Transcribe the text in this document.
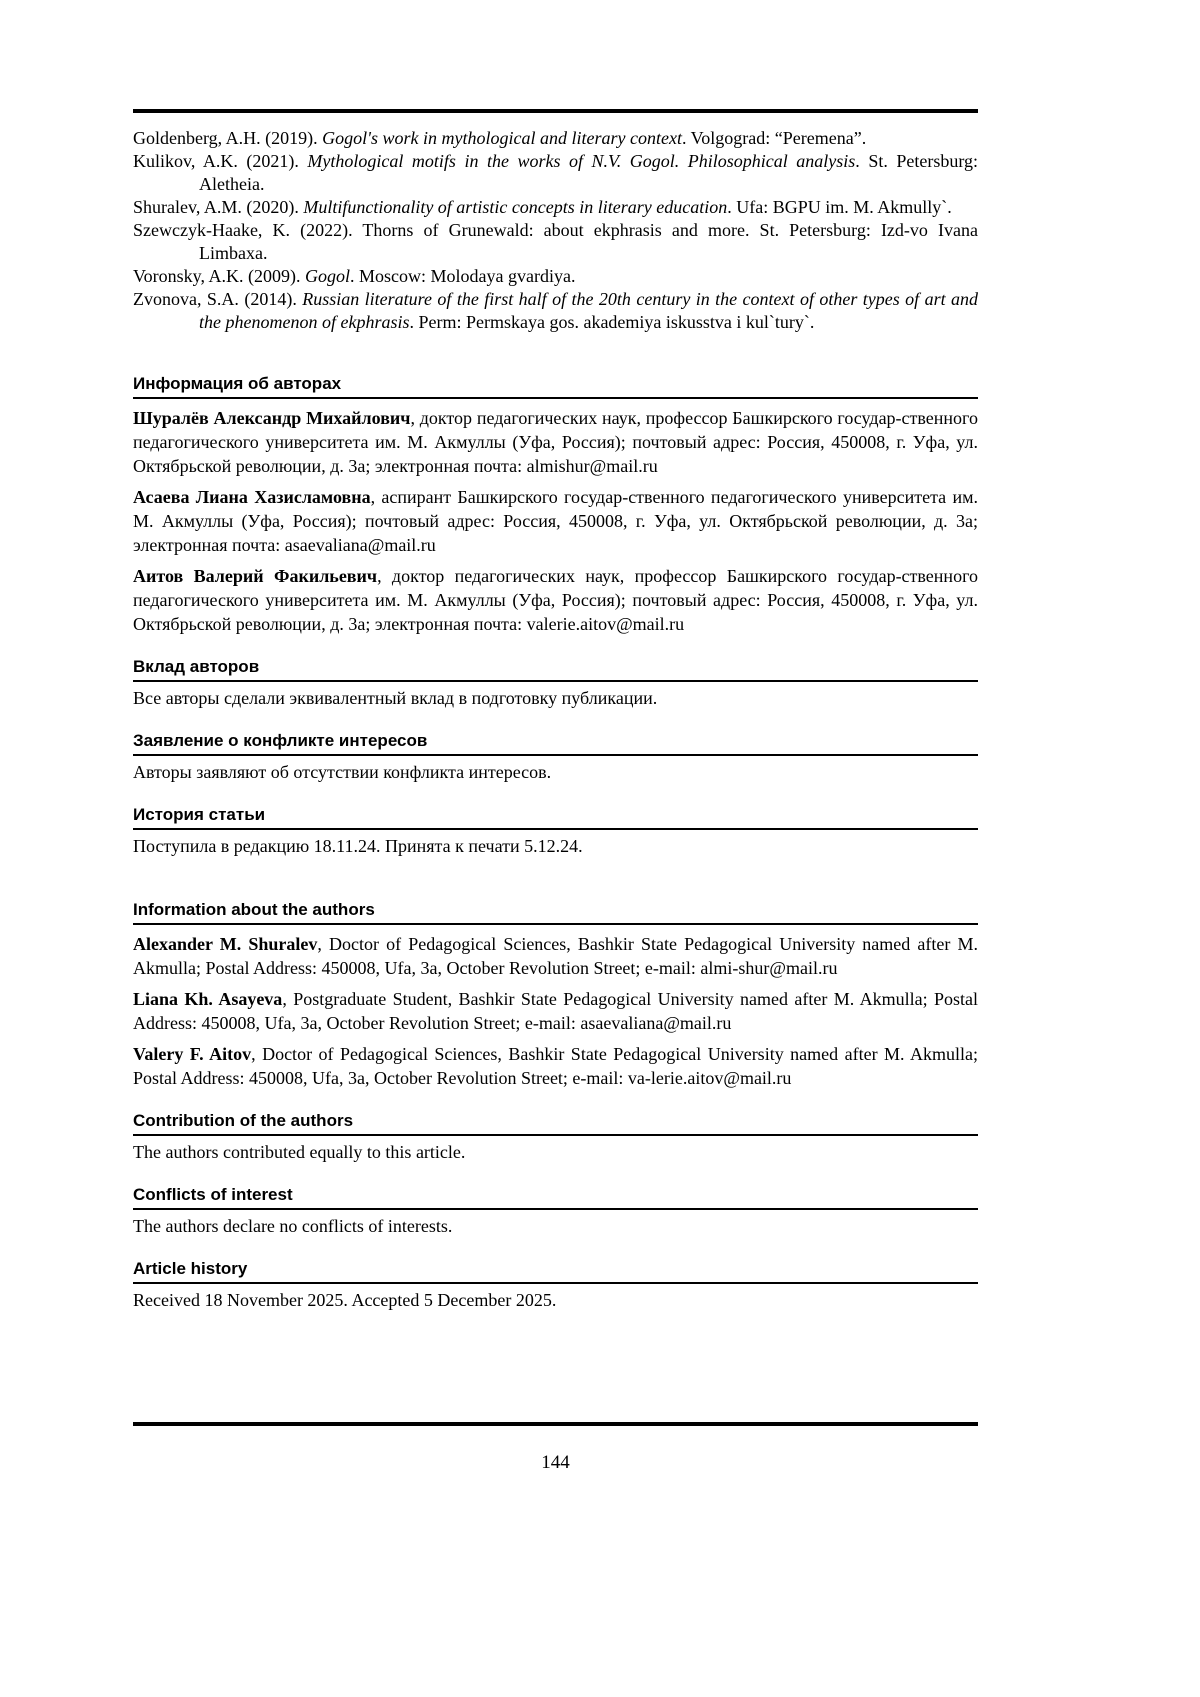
Goldenberg, A.H. (2019). Gogol's work in mythological and literary context. Volgograd: “Peremena”.

Kulikov, A.K. (2021). Mythological motifs in the works of N.V. Gogol. Philosophical analysis. St. Petersburg: Aletheia.

Shuralev, A.M. (2020). Multifunctionality of artistic concepts in literary education. Ufa: BGPU im. M. Akmully`.

Szewczyk-Haake, K. (2022). Thorns of Grunewald: about ekphrasis and more. St. Petersburg: Izd-vo Ivana Limbaxa.

Voronsky, A.K. (2009). Gogol. Moscow: Molodaya gvardiya.

Zvonova, S.A. (2014). Russian literature of the first half of the 20th century in the context of other types of art and the phenomenon of ekphrasis. Perm: Permskaya gos. akademiya iskusstva i kul`tury`.

Информация об авторах

Шуралёв Александр Михайлович, доктор педагогических наук, профессор Башкирского государ-ственного педагогического университета им. М. Акмуллы (Уфа, Россия); почтовый адрес: Россия, 450008, г. Уфа, ул. Октябрьской революции, д. 3а; электронная почта: almishur@mail.ru

Асаева Лиана Хазисламовна, аспирант Башкирского государ-ственного педагогического университета им. М. Акмуллы (Уфа, Россия); почтовый адрес: Россия, 450008, г. Уфа, ул. Октябрьской революции, д. 3а; электронная почта: asaevaliana@mail.ru

Аитов Валерий Факильевич, доктор педагогических наук, профессор Башкирского государ-ственного педагогического университета им. М. Акмуллы (Уфа, Россия); почтовый адрес: Россия, 450008, г. Уфа, ул. Октябрьской революции, д. 3а; электронная почта: valerie.aitov@mail.ru

Вклад авторов

Все авторы сделали эквивалентный вклад в подготовку публикации.

Заявление о конфликте интересов

Авторы заявляют об отсутствии конфликта интересов.

История статьи

Поступила в редакцию 18.11.24. Принята к печати 5.12.24.

Information about the authors

Alexander M. Shuralev, Doctor of Pedagogical Sciences, Bashkir State Pedagogical University named after M. Akmulla; Postal Address: 450008, Ufa, 3a, October Revolution Street; e-mail: almi-shur@mail.ru

Liana Kh. Asayeva, Postgraduate Student, Bashkir State Pedagogical University named after M. Akmulla; Postal Address: 450008, Ufa, 3a, October Revolution Street; e-mail: asaevaliana@mail.ru

Valery F. Aitov, Doctor of Pedagogical Sciences, Bashkir State Pedagogical University named after M. Akmulla; Postal Address: 450008, Ufa, 3a, October Revolution Street; e-mail: va-lerie.aitov@mail.ru

Contribution of the authors

The authors contributed equally to this article.

Conflicts of interest

The authors declare no conflicts of interests.

Article history

Received 18 November 2025. Accepted 5 December 2025.

144
